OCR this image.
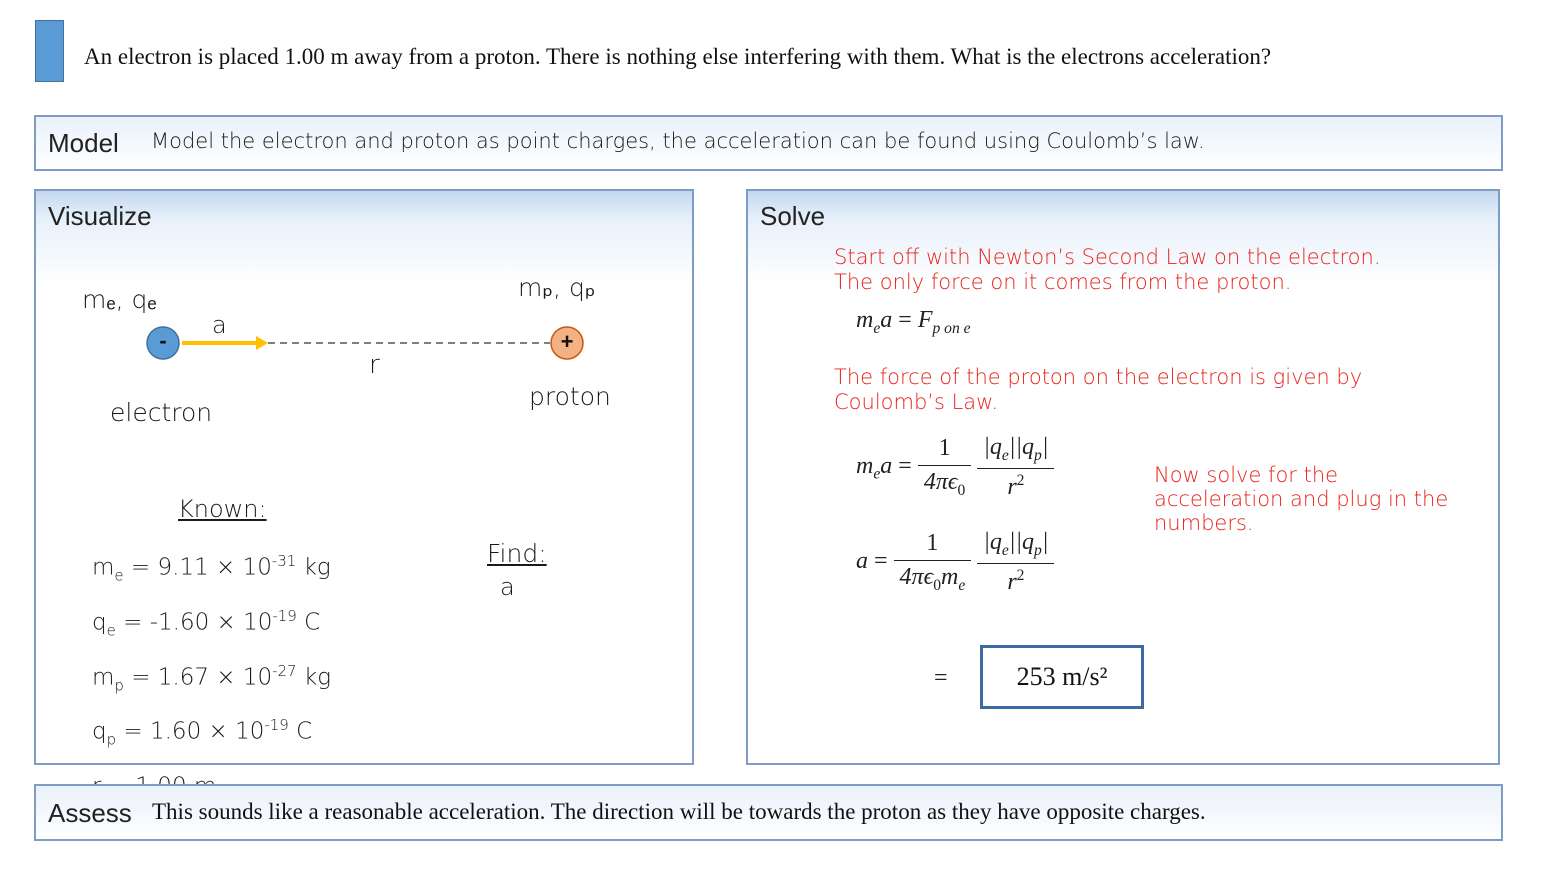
An electron is placed 1.00 m away from a proton. There is nothing else interfering with them. What is the electrons acceleration?
Model Model the electron and proton as point charges, the acceleration can be found using Coulomb’s law.
Visualize
mₑ, qₑ	mₚ, qₚ
-	+
a
r
electron
proton
Known:
Find:
a
$m_e = 9.11 \times 10^{-31}$ kg
$q_e = -1.60 \times 10^{-19}$ C
$m_p = 1.67 \times 10^{-27}$ kg
$q_p = 1.60 \times 10^{-19}$ C
Solve
Start off with Newton’s Second Law on the electron.
The only force on it comes from the proton.
$m_ea = F_{p on e}$
The force of the proton on the electron is given by
Coulomb’s Law.
$m_ea = \frac{1}{4\pi\epsilon_0}$
$\frac{|q_e||q_p|}{r^2}$
$a = \frac{1}{4\pi\epsilon_0m_e}$
$\frac{|q_e||q_p|}{r^2}$
Now solve for the
acceleration and plug in the
numbers.
=	253 m/s²
Assess This sounds like a reasonable acceleration. The direction will be towards the proton as they have opposite charges.
